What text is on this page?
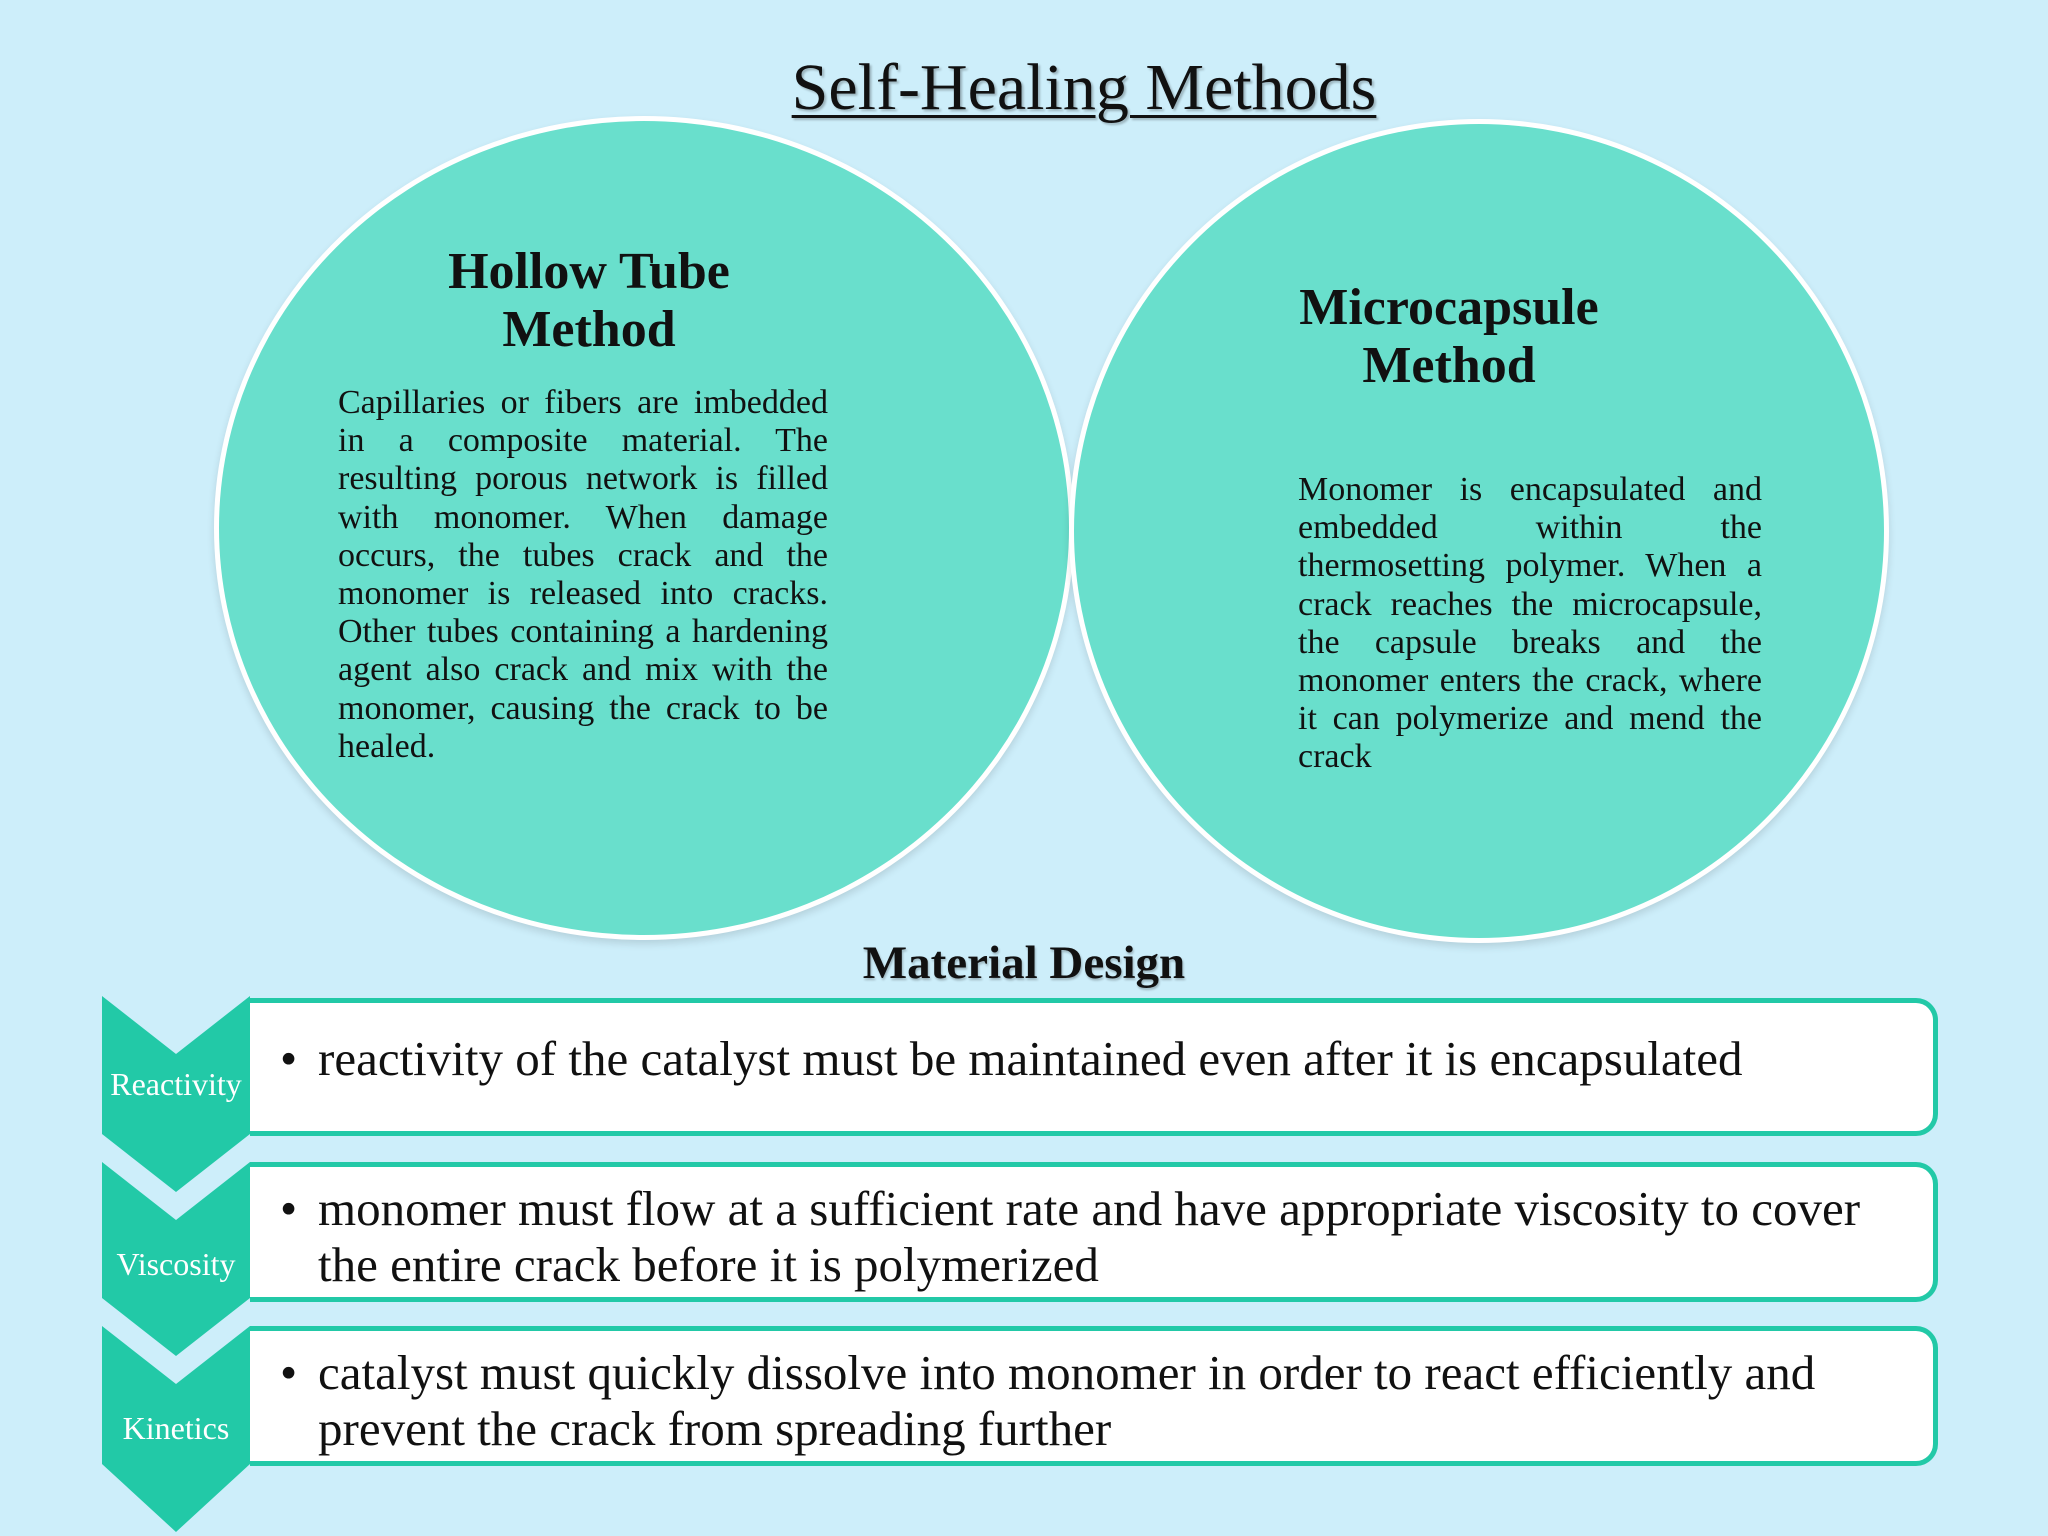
Self-Healing Methods
Hollow Tube
Method
Capillaries or fibers are imbedded in a composite material. The resulting porous network is filled with monomer. When damage occurs, the tubes crack and the monomer is released into cracks. Other tubes containing a hardening agent also crack and mix with the monomer, causing the crack to be healed.
Microcapsule
Method
Monomer is encapsulated and embedded within the thermosetting polymer. When a crack reaches the microcapsule, the capsule breaks and the monomer enters the crack, where it can polymerize and mend the crack
Material Design
Reactivity
Viscosity
Kinetics
• reactivity of the catalyst must be maintained even after it is encapsulated
• monomer must flow at a sufficient rate and have appropriate viscosity to cover the entire crack before it is polymerized
• catalyst must quickly dissolve into monomer in order to react efficiently and prevent the crack from spreading further
